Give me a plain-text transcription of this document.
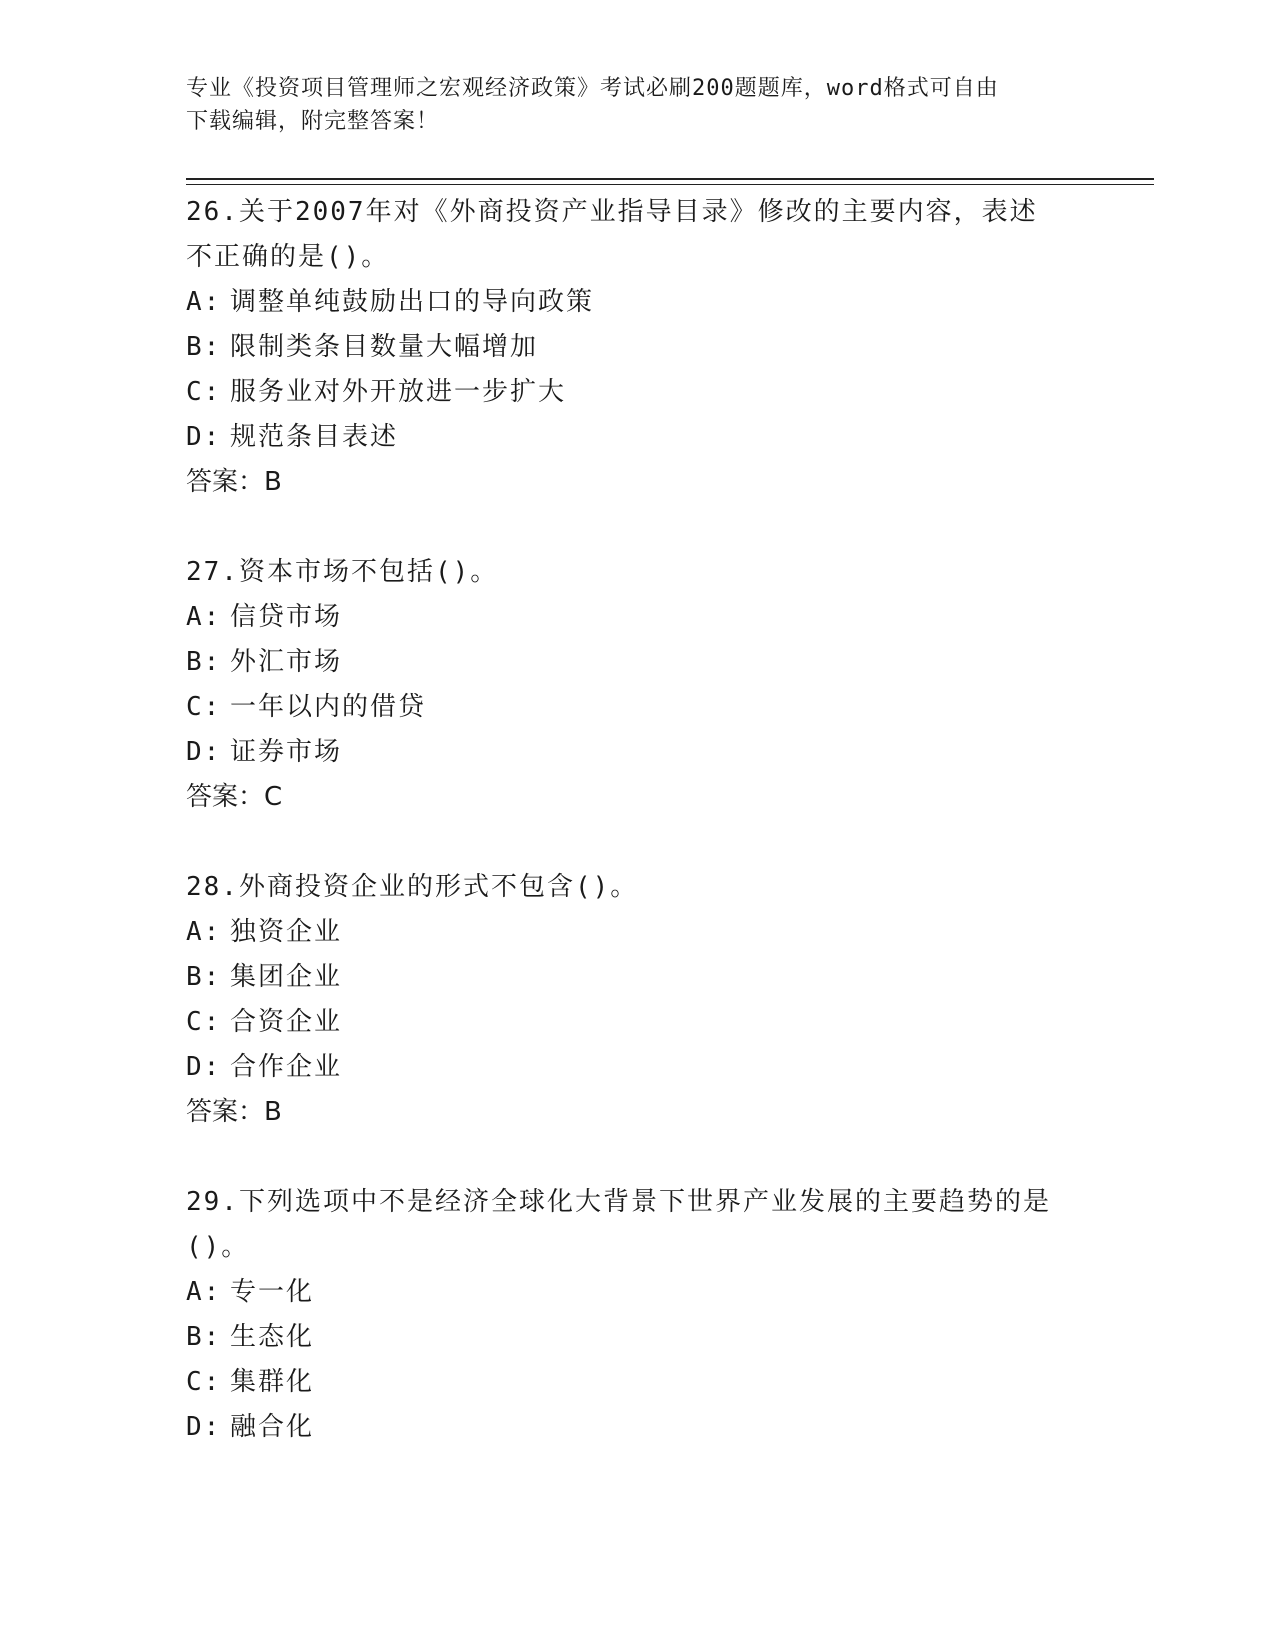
专业《投资项目管理师之宏观经济政策》考试必刷200题题库，word格式可自由
下载编辑，附完整答案！
26.关于2007年对《外商投资产业指导目录》修改的主要内容，表述
不正确的是()。
A: 调整单纯鼓励出口的导向政策
B: 限制类条目数量大幅增加
C: 服务业对外开放进一步扩大
D: 规范条目表述
答案：B
27.资本市场不包括()。
A: 信贷市场
B: 外汇市场
C: 一年以内的借贷
D: 证券市场
答案：C
28.外商投资企业的形式不包含()。
A: 独资企业
B: 集团企业
C: 合资企业
D: 合作企业
答案：B
29.下列选项中不是经济全球化大背景下世界产业发展的主要趋势的是
()。
A: 专一化
B: 生态化
C: 集群化
D: 融合化
